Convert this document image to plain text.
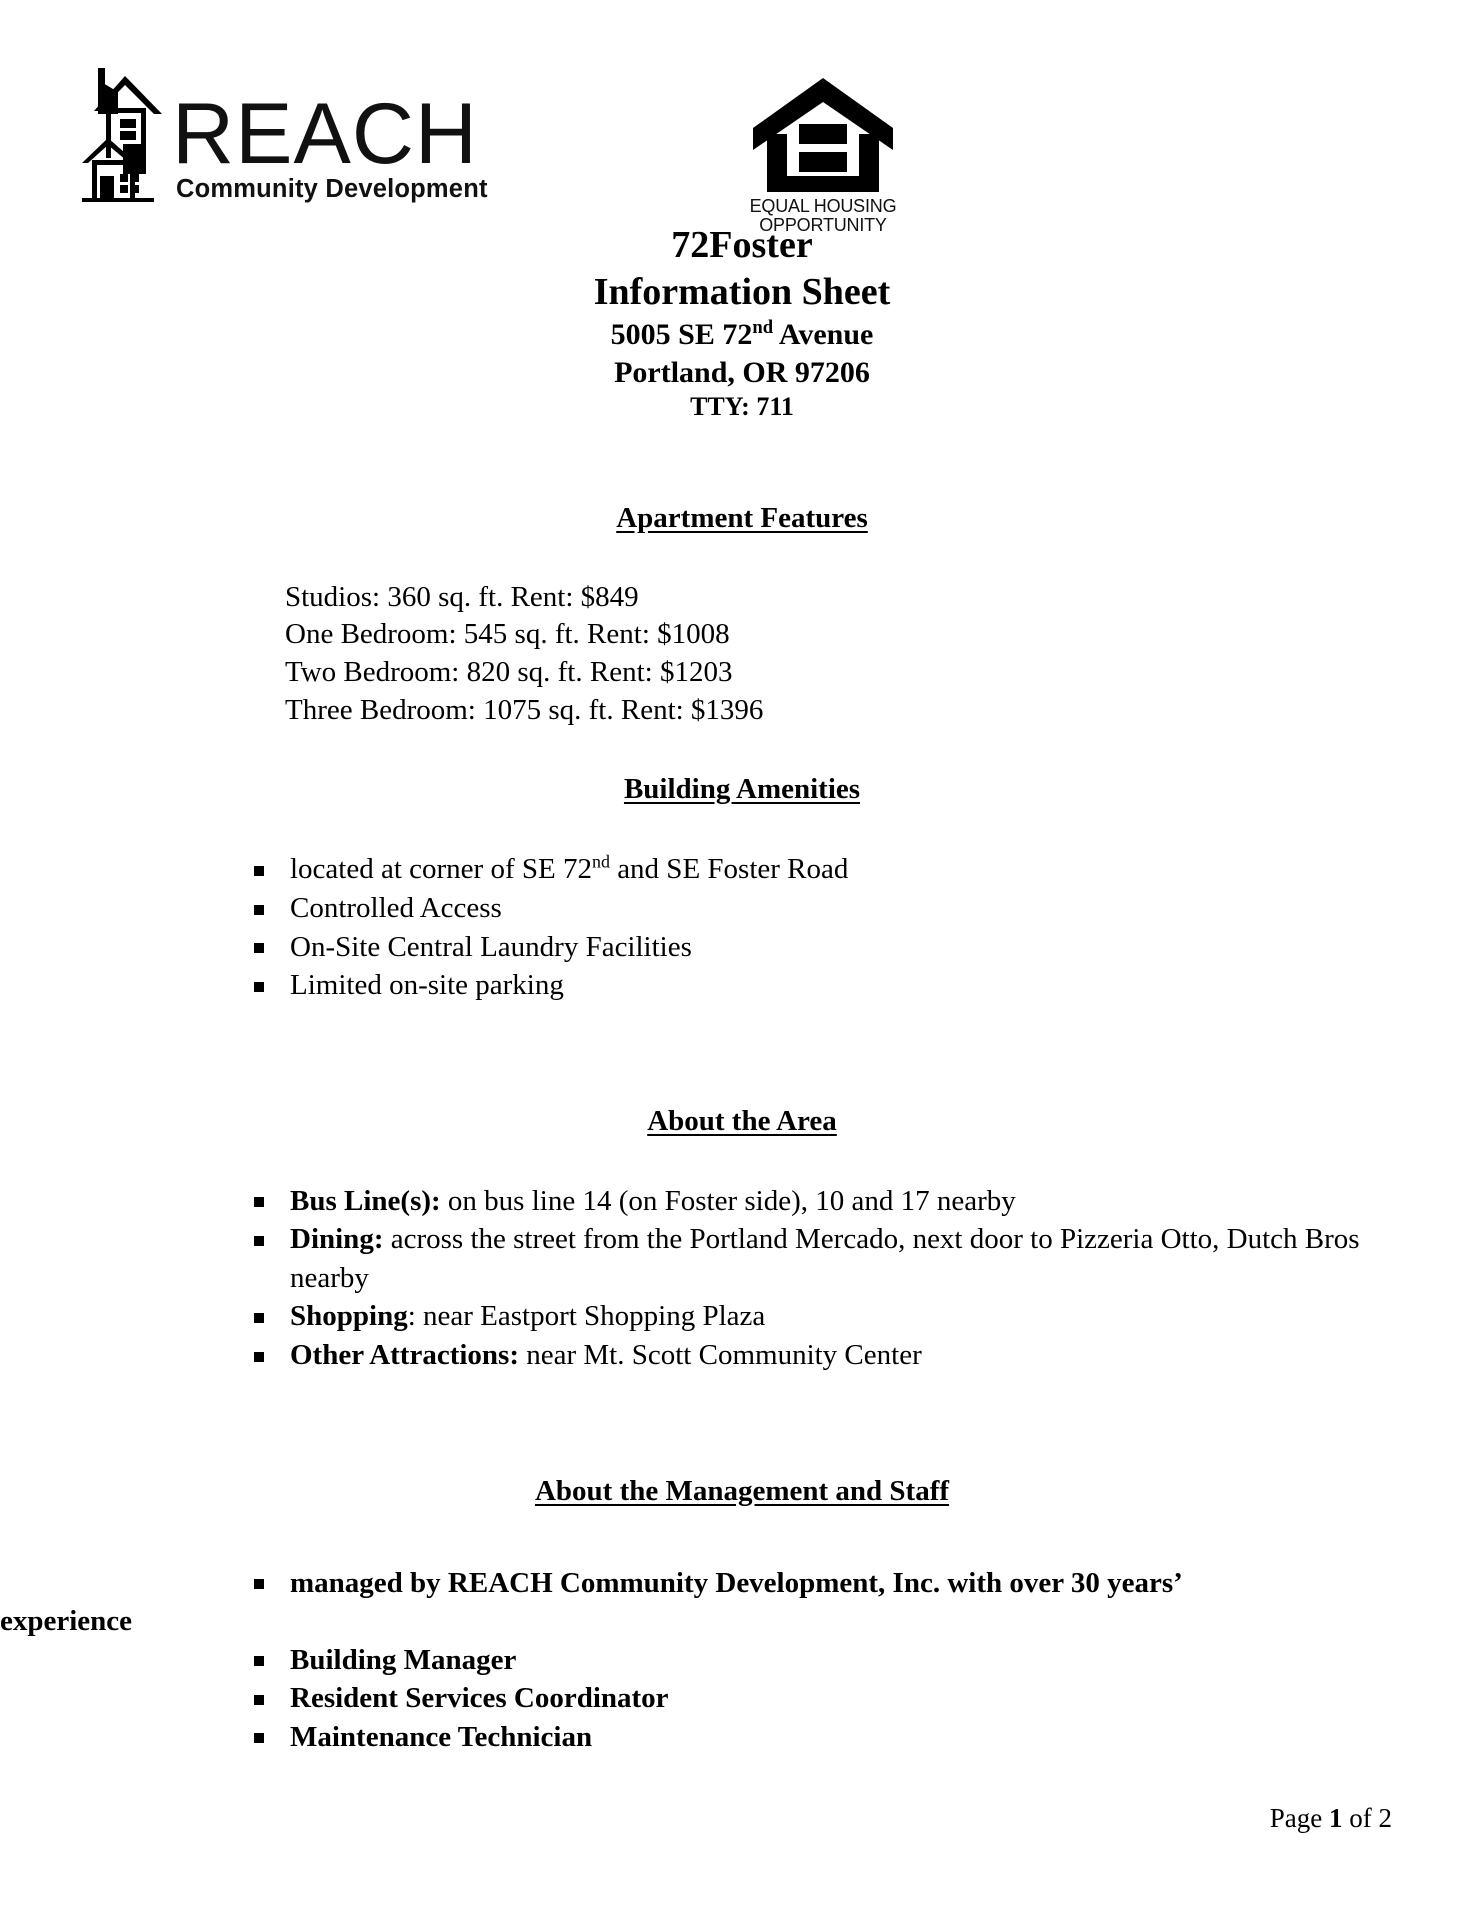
REACH
Community Development
EQUAL HOUSING
OPPORTUNITY
72Foster
Information Sheet
5005 SE 72nd Avenue
Portland, OR 97206
TTY: 711
Apartment Features
Studios: 360 sq. ft. Rent: $849
One Bedroom: 545 sq. ft. Rent: $1008
Two Bedroom: 820 sq. ft. Rent: $1203
Three Bedroom: 1075 sq. ft. Rent: $1396
Building Amenities
located at corner of SE 72nd and SE Foster Road
Controlled Access
On-Site Central Laundry Facilities
Limited on-site parking
About the Area
Bus Line(s): on bus line 14 (on Foster side), 10 and 17 nearby
Dining: across the street from the Portland Mercado, next door to Pizzeria Otto, Dutch Bros nearby
Shopping: near Eastport Shopping Plaza
Other Attractions: near Mt. Scott Community Center
About the Management and Staff
managed by REACH Community Development, Inc. with over 30 years’
experience
Building Manager
Resident Services Coordinator
Maintenance Technician
Page 1 of 2
